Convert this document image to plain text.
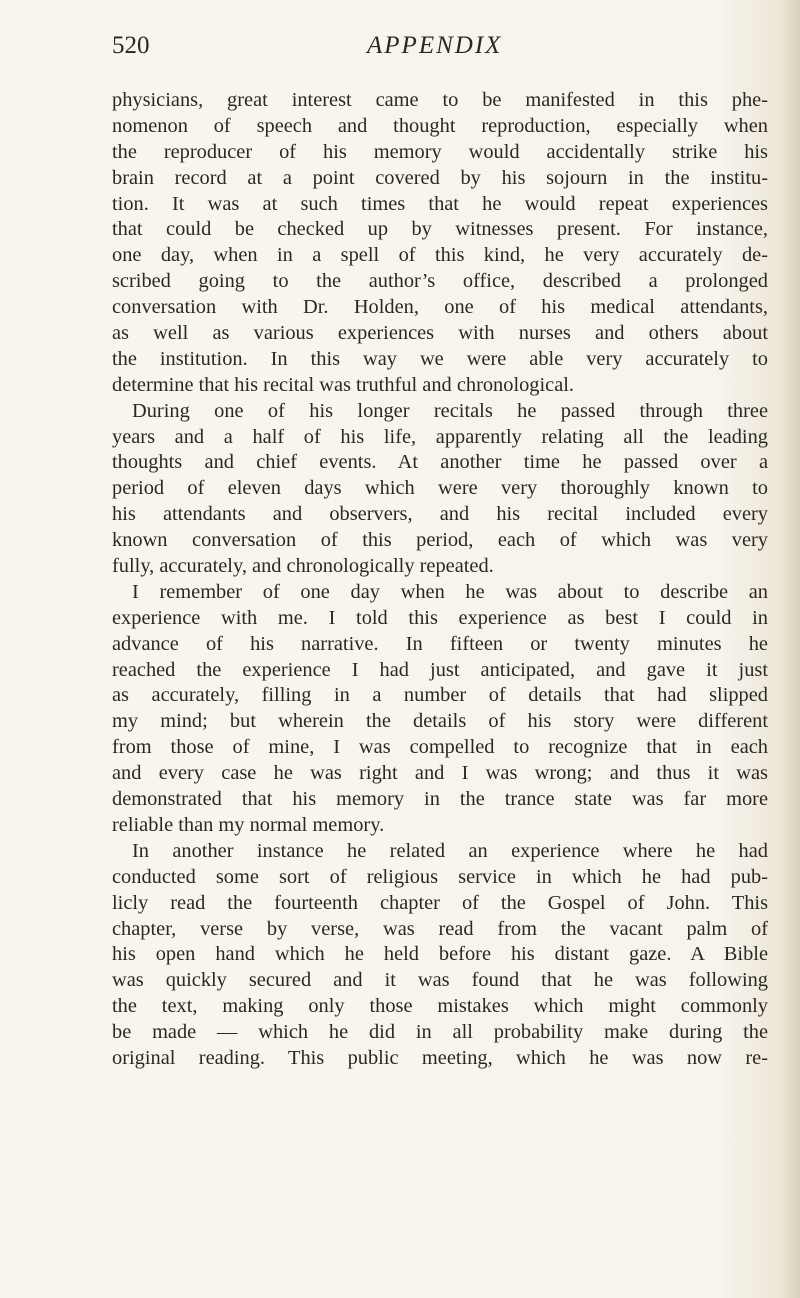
520	APPENDIX
physicians, great interest came to be manifested in this phe-
nomenon of speech and thought reproduction, especially when
the reproducer of his memory would accidentally strike his
brain record at a point covered by his sojourn in the institu-
tion. It was at such times that he would repeat experiences
that could be checked up by witnesses present. For instance,
one day, when in a spell of this kind, he very accurately de-
scribed going to the author’s office, described a prolonged
conversation with Dr. Holden, one of his medical attendants,
as well as various experiences with nurses and others about
the institution. In this way we were able very accurately to
determine that his recital was truthful and chronological.
During one of his longer recitals he passed through three
years and a half of his life, apparently relating all the leading
thoughts and chief events. At another time he passed over a
period of eleven days which were very thoroughly known to
his attendants and observers, and his recital included every
known conversation of this period, each of which was very
fully, accurately, and chronologically repeated.
I remember of one day when he was about to describe an
experience with me. I told this experience as best I could in
advance of his narrative. In fifteen or twenty minutes he
reached the experience I had just anticipated, and gave it just
as accurately, filling in a number of details that had slipped
my mind; but wherein the details of his story were different
from those of mine, I was compelled to recognize that in each
and every case he was right and I was wrong; and thus it was
demonstrated that his memory in the trance state was far more
reliable than my normal memory.
In another instance he related an experience where he had
conducted some sort of religious service in which he had pub-
licly read the fourteenth chapter of the Gospel of John. This
chapter, verse by verse, was read from the vacant palm of
his open hand which he held before his distant gaze. A Bible
was quickly secured and it was found that he was following
the text, making only those mistakes which might commonly
be made — which he did in all probability make during the
original reading. This public meeting, which he was now re-
